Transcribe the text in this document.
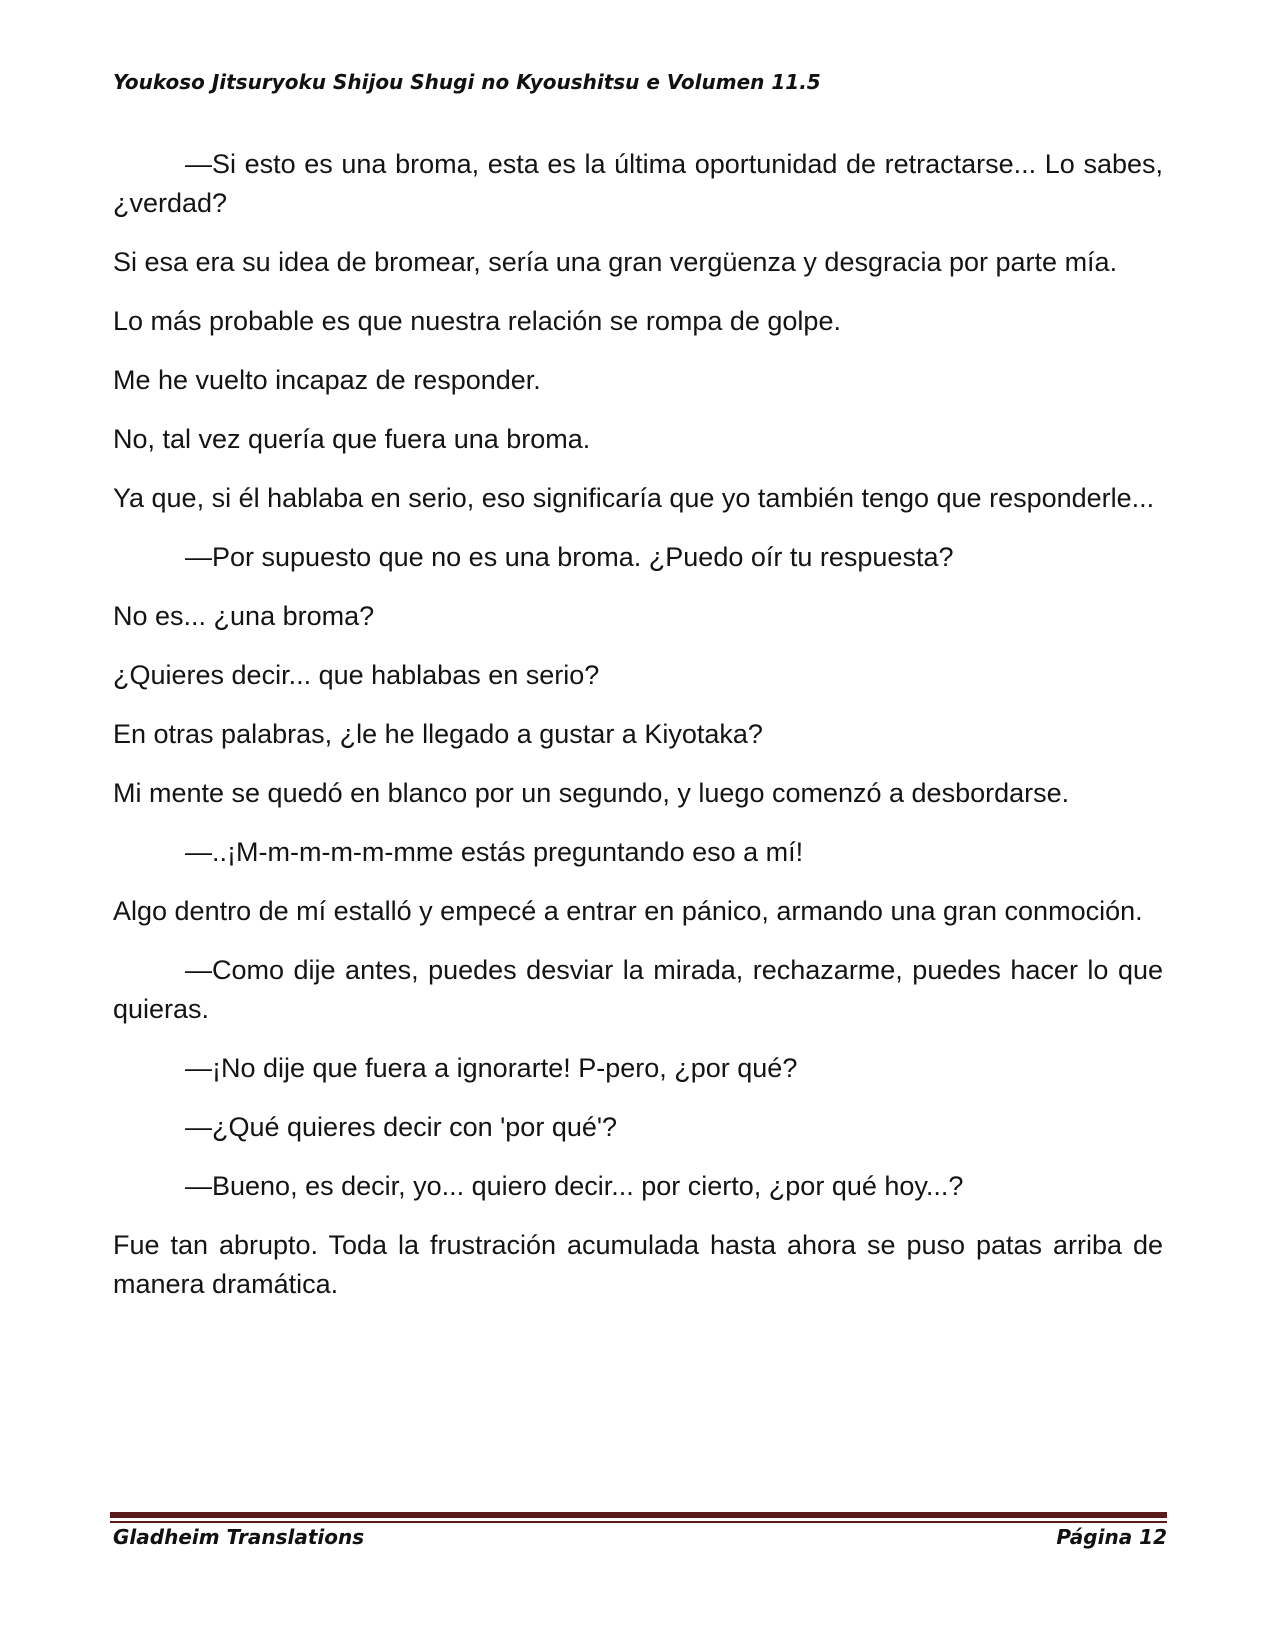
Youkoso Jitsuryoku Shijou Shugi no Kyoushitsu e Volumen 11.5

—Si esto es una broma, esta es la última oportunidad de retractarse... Lo sabes, ¿verdad?

Si esa era su idea de bromear, sería una gran vergüenza y desgracia por parte mía.

Lo más probable es que nuestra relación se rompa de golpe.

Me he vuelto incapaz de responder.

No, tal vez quería que fuera una broma.

Ya que, si él hablaba en serio, eso significaría que yo también tengo que responderle...

—Por supuesto que no es una broma. ¿Puedo oír tu respuesta?

No es... ¿una broma?

¿Quieres decir... que hablabas en serio?

En otras palabras, ¿le he llegado a gustar a Kiyotaka?

Mi mente se quedó en blanco por un segundo, y luego comenzó a desbordarse.

—..¡M-m-m-m-m-mme estás preguntando eso a mí!

Algo dentro de mí estalló y empecé a entrar en pánico, armando una gran conmoción.

—Como dije antes, puedes desviar la mirada, rechazarme, puedes hacer lo que quieras.

—¡No dije que fuera a ignorarte! P-pero, ¿por qué?

—¿Qué quieres decir con 'por qué'?

—Bueno, es decir, yo... quiero decir... por cierto, ¿por qué hoy...?

Fue tan abrupto. Toda la frustración acumulada hasta ahora se puso patas arriba de manera dramática.

Gladheim Translations	Página 12
